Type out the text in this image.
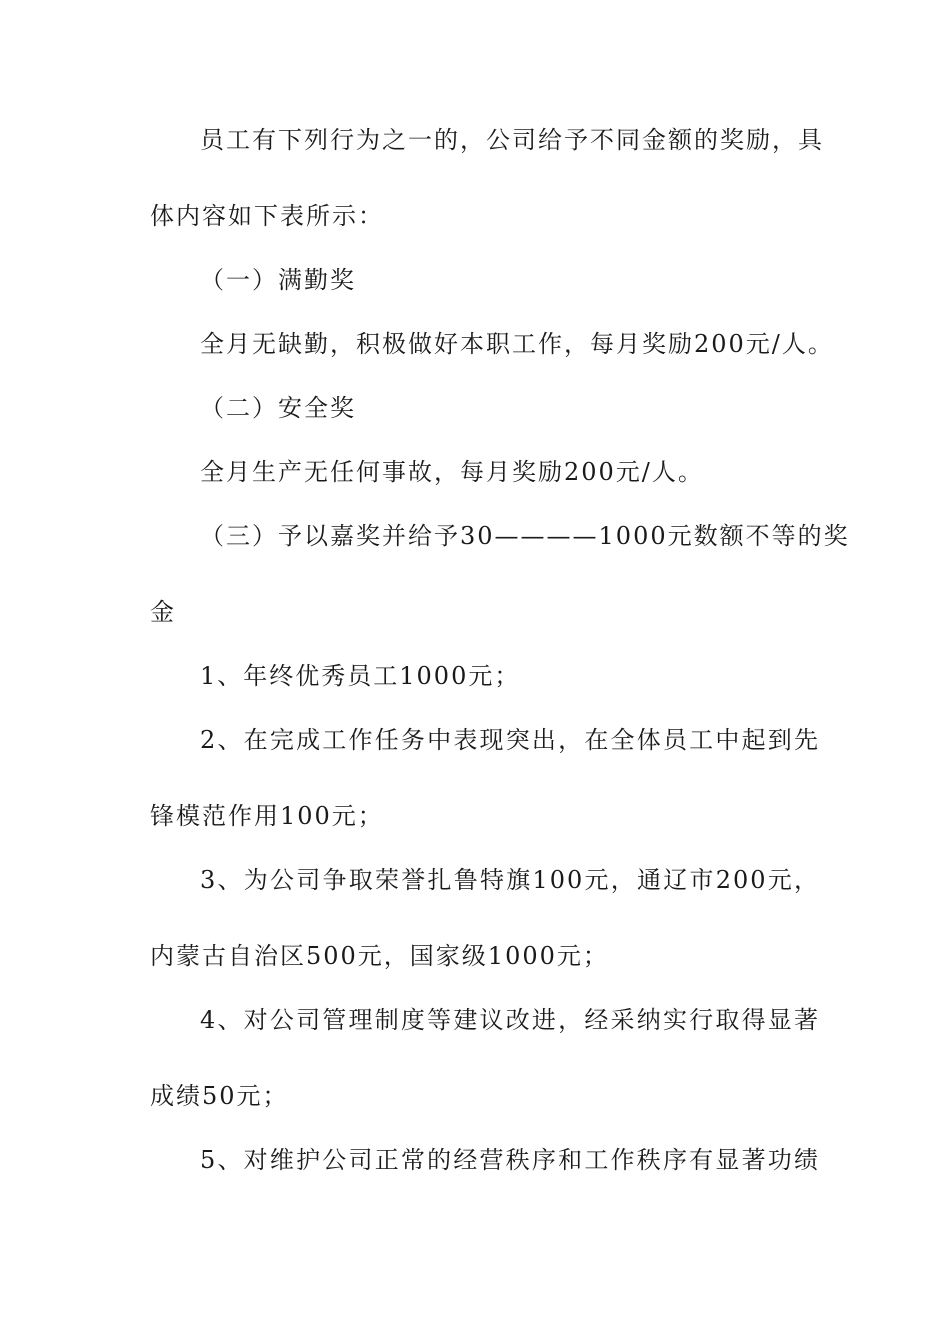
员工有下列行为之一的，公司给予不同金额的奖励，具
体内容如下表所示：
（一）满勤奖
全月无缺勤，积极做好本职工作，每月奖励200元/人。
（二）安全奖
全月生产无任何事故，每月奖励200元/人。
（三）予以嘉奖并给予30————1000元数额不等的奖
金
1、年终优秀员工1000元；
2、在完成工作任务中表现突出，在全体员工中起到先
锋模范作用100元；
3、为公司争取荣誉扎鲁特旗100元，通辽市200元，
内蒙古自治区500元，国家级1000元；
4、对公司管理制度等建议改进，经采纳实行取得显著
成绩50元；
5、对维护公司正常的经营秩序和工作秩序有显著功绩
